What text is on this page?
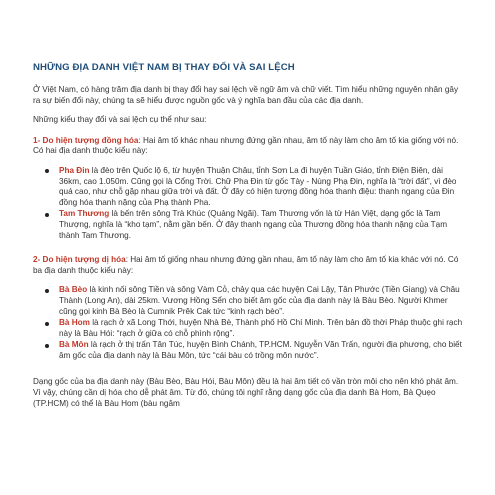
NHỮNG ĐỊA DANH VIỆT NAM BỊ THAY ĐỔI VÀ SAI LỆCH

Ở Việt Nam, có hàng trăm địa danh bị thay đổi hay sai lệch về ngữ âm và chữ viết. Tìm hiểu những nguyên nhân gây ra sự biến đổi này, chúng ta sẽ hiểu được nguồn gốc và ý nghĩa ban đầu của các địa danh.

Những kiểu thay đổi và sai lệch cụ thể như sau:

1- Do hiện tượng đồng hóa: Hai âm tố khác nhau nhưng đứng gần nhau, âm tố này làm cho âm tố kia giống với nó. Có hai địa danh thuộc kiểu này:

Pha Đin là đèo trên Quốc lộ 6, từ huyện Thuận Châu, tỉnh Sơn La đi huyện Tuần Giáo, tỉnh Điện Biên, dài 36km, cao 1.050m. Cũng gọi là Cổng Trời. Chữ Pha Đin từ gốc Tày - Nùng Phạ Đin, nghĩa là “trời đất”, vì đèo quá cao, như chỗ gặp nhau giữa trời và đất. Ở đây có hiện tượng đồng hóa thanh điệu: thanh ngang của Đin đồng hóa thanh nặng của Phạ thành Pha.
Tam Thương là bến trên sông Trà Khúc (Quảng Ngãi). Tam Thương vốn là từ Hán Việt, dạng gốc là Tam Thượng, nghĩa là “kho tạm”, nằm gần bến. Ở đây thanh ngang của Thương đồng hóa thanh nặng của Tạm thành Tam Thương.

2- Do hiện tượng dị hóa: Hai âm tố giống nhau nhưng đứng gần nhau, âm tố này làm cho âm tố kia khác với nó. Có ba địa danh thuộc kiểu này:

Bà Bèo là kinh nối sông Tiền và sông Vàm Cỏ, chảy qua các huyện Cai Lậy, Tân Phước (Tiền Giang) và Châu Thành (Long An), dài 25km. Vương Hồng Sển cho biết âm gốc của địa danh này là Bàu Bèo. Người Khmer cũng gọi kinh Bà Bèo là Cumnik Prêk Cak tức “kinh rạch bèo”.
Bà Hom là rạch ở xã Long Thới, huyện Nhà Bè, Thành phố Hồ Chí Minh. Trên bản đồ thời Pháp thuộc ghi rạch này là Bàu Hói: “rạch ở giữa có chỗ phình rộng”.
Bà Môn là rạch ở thị trấn Tân Túc, huyện Bình Chánh, TP.HCM. Nguyễn Văn Trấn, người địa phương, cho biết âm gốc của địa danh này là Bàu Môn, tức “cái bàu có trồng môn nước”.

Dạng gốc của ba địa danh này (Bàu Bèo, Bàu Hói, Bàu Môn) đều là hai âm tiết có vần tròn môi cho nên khó phát âm. Vì vậy, chúng cần dị hóa cho dễ phát âm. Từ đó, chúng tôi nghĩ rằng dạng gốc của địa danh Bà Hom, Bà Quẹo (TP.HCM) có thể là Bàu Hom (bàu ngâm
